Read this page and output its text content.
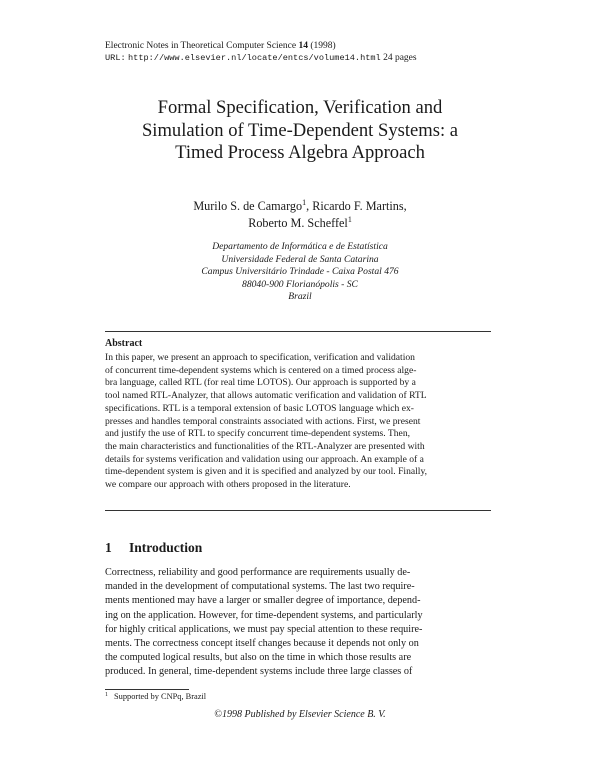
Electronic Notes in Theoretical Computer Science 14 (1998)
URL: http://www.elsevier.nl/locate/entcs/volume14.html 24 pages
Formal Specification, Verification and
Simulation of Time-Dependent Systems: a
Timed Process Algebra Approach
Murilo S. de Camargo$^1$, Ricardo F. Martins,
Roberto M. Scheffel$^1$
Departamento de Informática e de Estatística
Universidade Federal de Santa Catarina
Campus Universitário Trindade - Caixa Postal 476
88040-900 Florianópolis - SC
Brazil
Abstract
In this paper, we present an approach to specification, verification and validation
of concurrent time-dependent systems which is centered on a timed process alge-
bra language, called RTL (for real time LOTOS). Our approach is supported by a
tool named RTL-Analyzer, that allows automatic verification and validation of RTL
specifications. RTL is a temporal extension of basic LOTOS language which ex-
presses and handles temporal constraints associated with actions. First, we present
and justify the use of RTL to specify concurrent time-dependent systems. Then,
the main characteristics and functionalities of the RTL-Analyzer are presented with
details for systems verification and validation using our approach. An example of a
time-dependent system is given and it is specified and analyzed by our tool. Finally,
we compare our approach with others proposed in the literature.
1 Introduction
Correctness, reliability and good performance are requirements usually de-
manded in the development of computational systems. The last two require-
ments mentioned may have a larger or smaller degree of importance, depend-
ing on the application. However, for time-dependent systems, and particularly
for highly critical applications, we must pay special attention to these require-
ments. The correctness concept itself changes because it depends not only on
the computed logical results, but also on the time in which those results are
produced. In general, time-dependent systems include three large classes of
$^1$ Supported by CNPq, Brazil
©1998 Published by Elsevier Science B. V.
